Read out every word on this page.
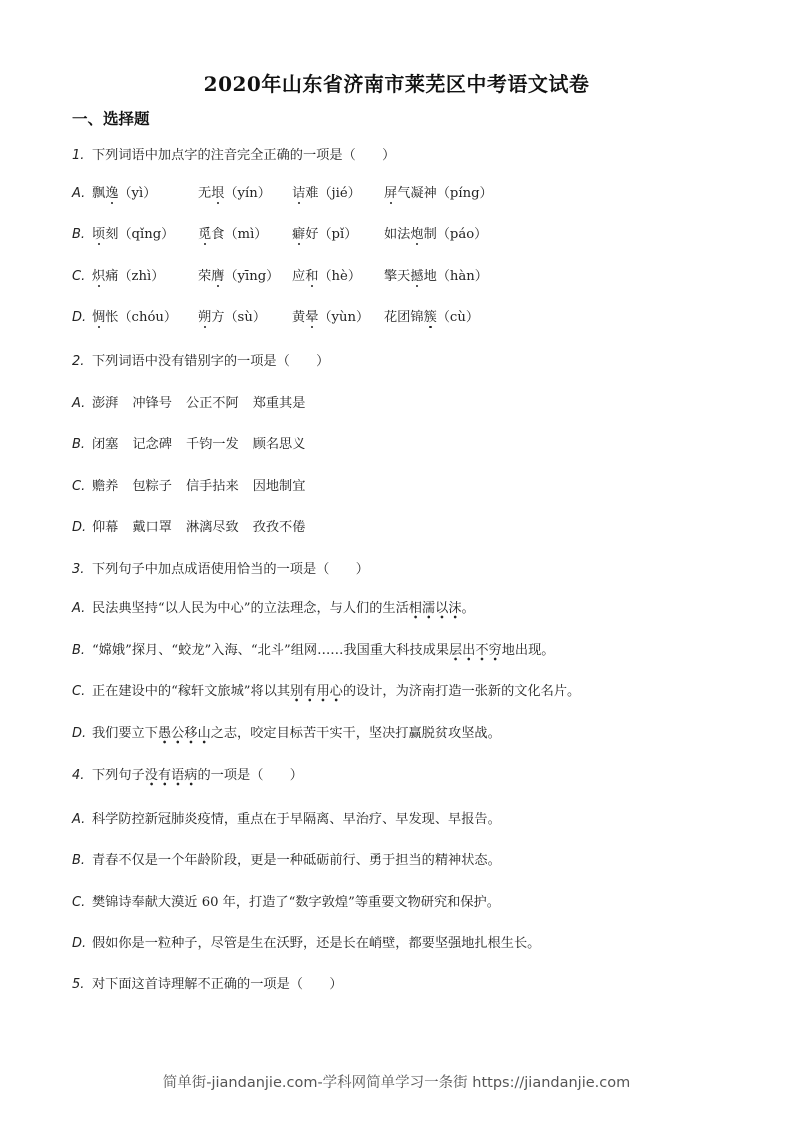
2020年山东省济南市莱芜区中考语文试卷
一、选择题
1. 下列词语中加点字的注音完全正确的一项是（　　）
A. 飘逸（yì）	无垠（yín） 诘难（jié） 屏气凝神（píng）
B. 顷刻（qǐng） 觅食（mì） 癖好（pǐ） 如法炮制（páo）
C. 炽痛（zhì）	荣膺（yīng） 应和（hè） 擎天撼地（hàn）
D. 惆怅（chóu） 朔方（sù） 黄晕（yùn） 花团锦簇（cù）
2. 下列词语中没有错别字的一项是（　　）
A. 澎湃 冲锋号 公正不阿 郑重其是
B. 闭塞 记念碑 千钧一发 顾名思义
C. 赡养 包粽子 信手拈来 因地制宜
D. 仰幕 戴口罩 淋漓尽致 孜孜不倦
3. 下列句子中加点成语使用恰当的一项是（　　）
A. 民法典坚持“以人民为中心”的立法理念，与人们的生活相濡以沫。
B. “嫦娥”探月、“蛟龙”入海、“北斗”组网……我国重大科技成果层出不穷地出现。
C. 正在建设中的“稼轩文旅城”将以其别有用心的设计，为济南打造一张新的文化名片。
D. 我们要立下愚公移山之志，咬定目标苦干实干，坚决打赢脱贫攻坚战。
4. 下列句子没有语病的一项是（　　）
A. 科学防控新冠肺炎疫情，重点在于早隔离、早治疗、早发现、早报告。
B. 青春不仅是一个年龄阶段，更是一种砥砺前行、勇于担当的精神状态。
C. 樊锦诗奉献大漠近 60 年，打造了“数字敦煌”等重要文物研究和保护。
D. 假如你是一粒种子，尽管是生在沃野，还是长在峭壁，都要坚强地扎根生长。
5. 对下面这首诗理解不正确的一项是（　　）
简单街-jiandanjie.com-学科网简单学习一条街 https://jiandanjie.com
